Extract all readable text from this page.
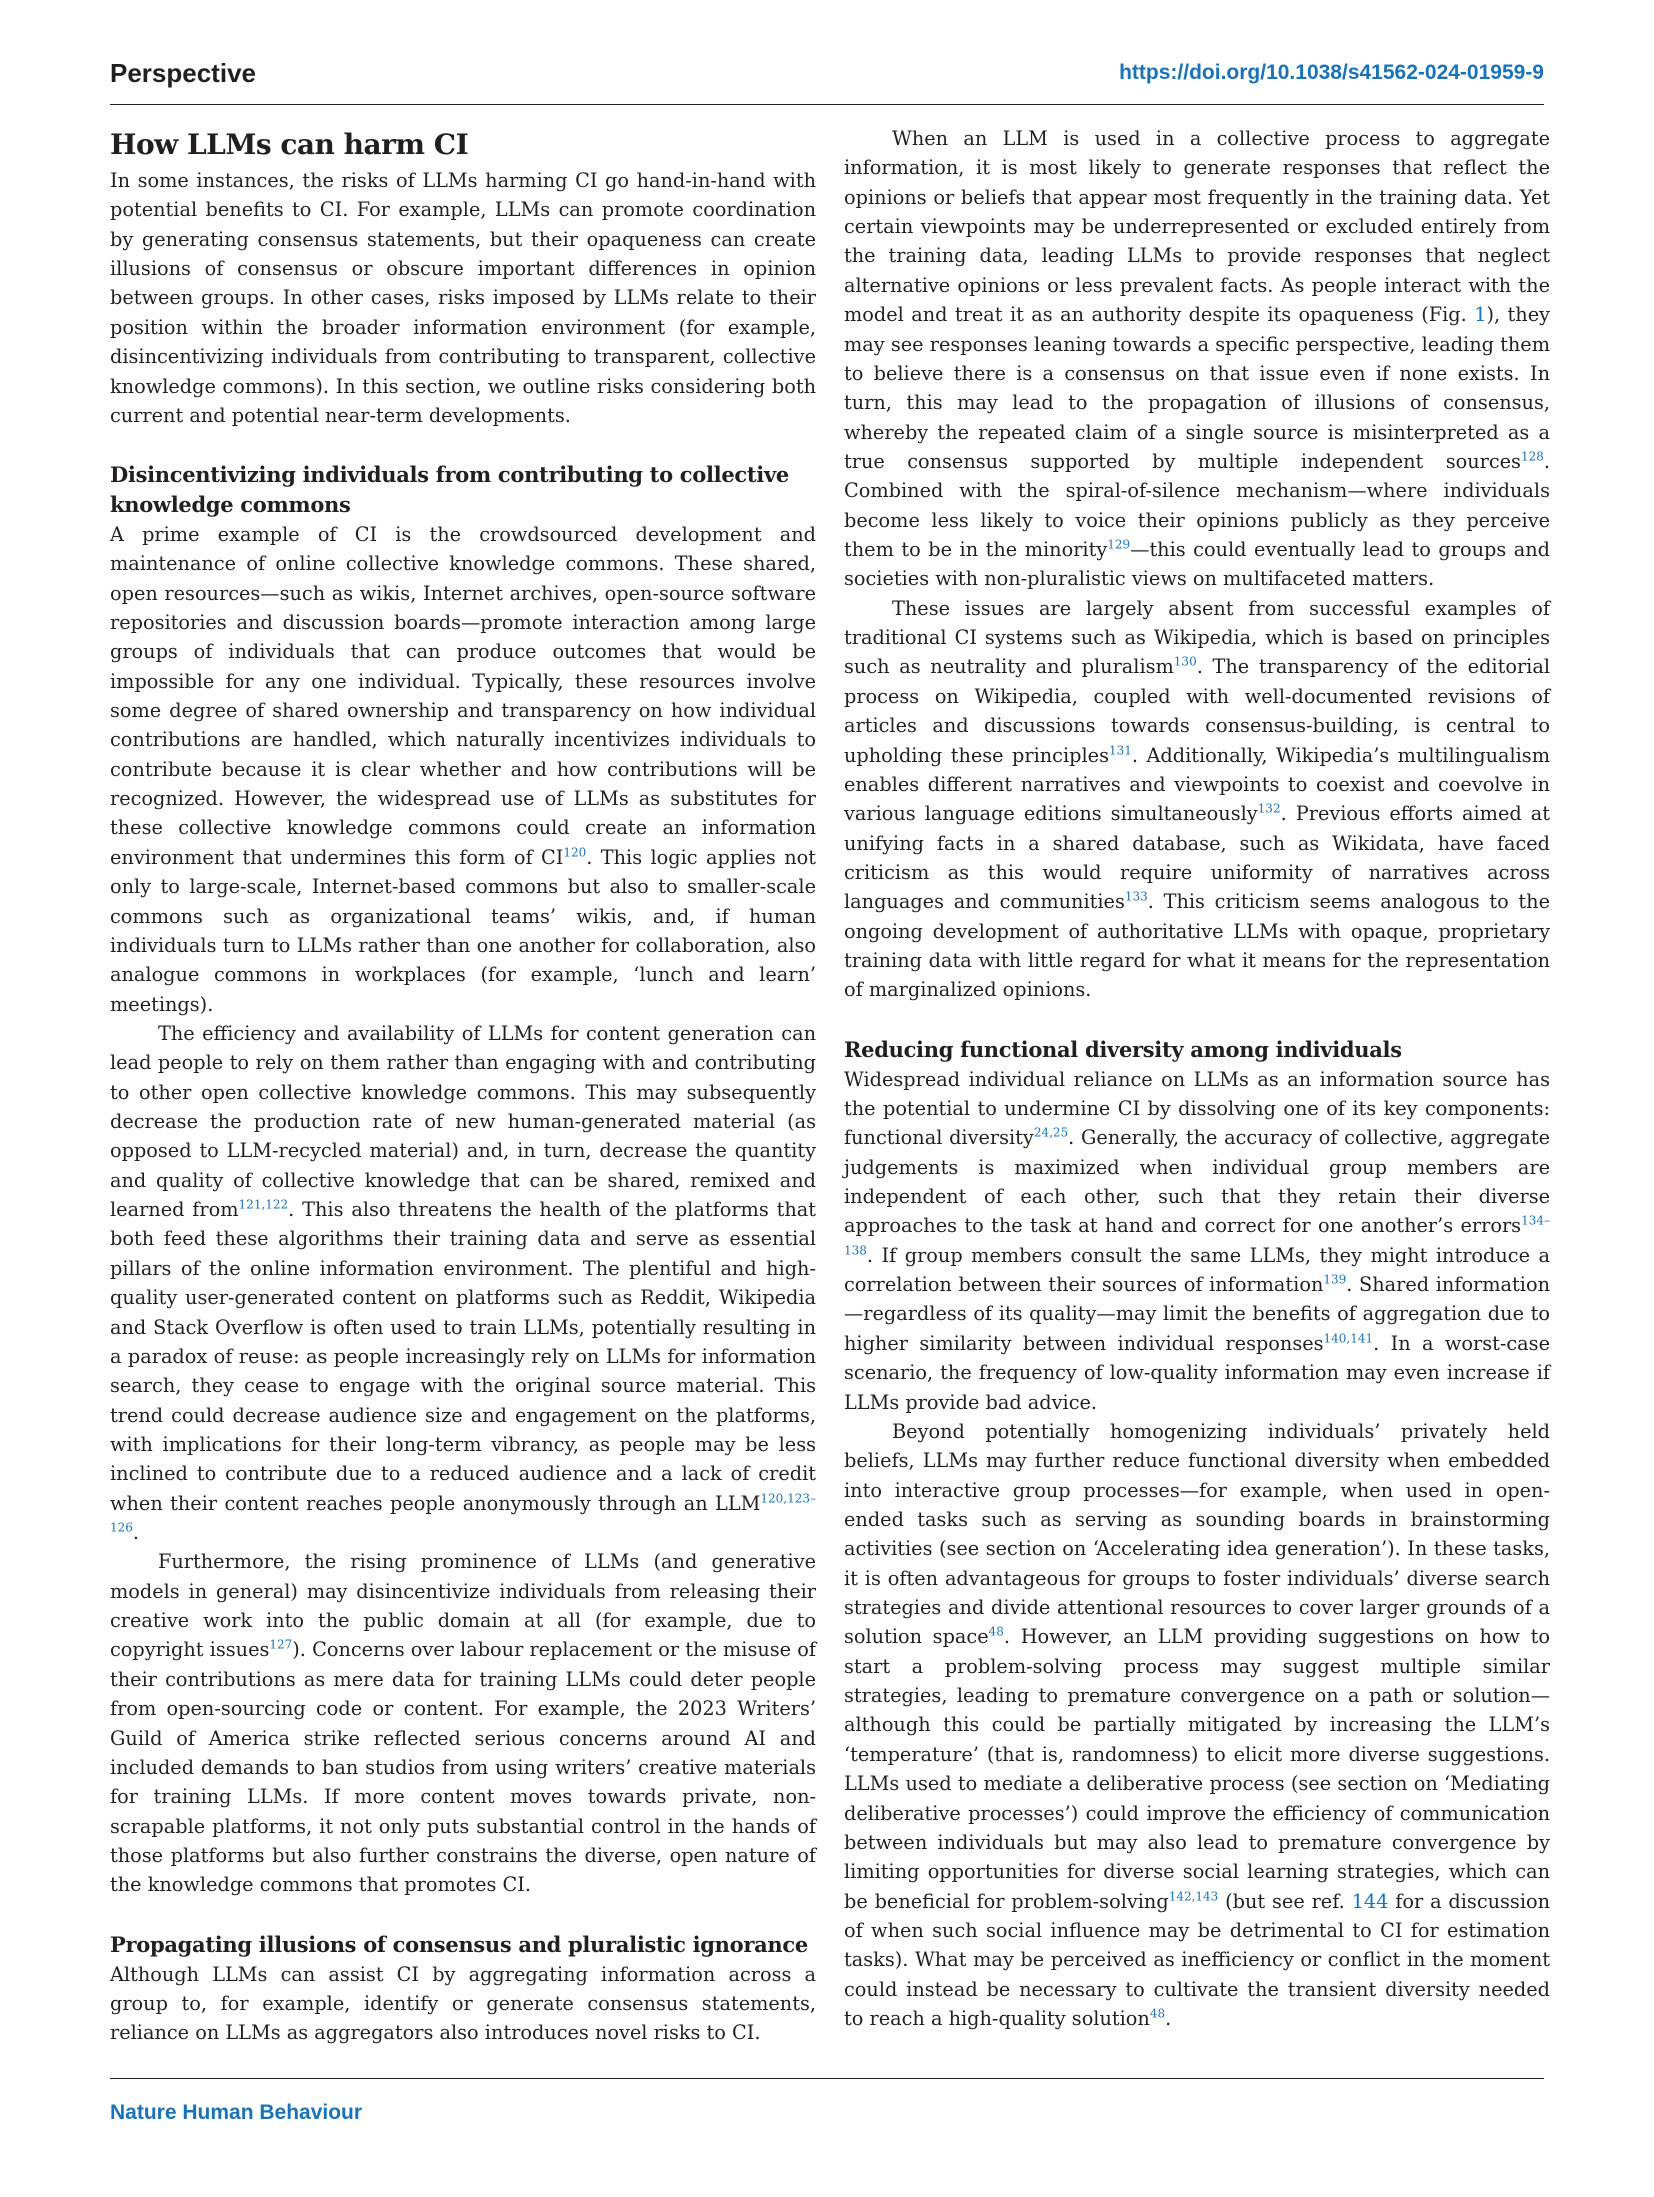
Perspective	https://doi.org/10.1038/s41562-024-01959-9
How LLMs can harm CI

In some instances, the risks of LLMs harming CI go hand-in-hand with potential benefits to CI. For example, LLMs can promote coordination by generating consensus statements, but their opaqueness can create illusions of consensus or obscure important differences in opinion between groups. In other cases, risks imposed by LLMs relate to their position within the broader information environment (for example, disincentivizing individuals from contributing to transparent, collective knowledge commons). In this section, we outline risks considering both current and potential near-term developments.

Disincentivizing individuals from contributing to collective knowledge commons

A prime example of CI is the crowdsourced development and maintenance of online collective knowledge commons. These shared, open resources—such as wikis, Internet archives, open-source software repositories and discussion boards—promote interaction among large groups of individuals that can produce outcomes that would be impossible for any one individual. Typically, these resources involve some degree of shared ownership and transparency on how individual contributions are handled, which naturally incentivizes individuals to contribute because it is clear whether and how contributions will be recognized. However, the widespread use of LLMs as substitutes for these collective knowledge commons could create an information environment that undermines this form of CI$^{120}$. This logic applies not only to large-scale, Internet-based commons but also to smaller-scale commons such as organizational teams’ wikis, and, if human individuals turn to LLMs rather than one another for collaboration, also analogue commons in workplaces (for example, ‘lunch and learn’ meetings).

The efficiency and availability of LLMs for content generation can lead people to rely on them rather than engaging with and contributing to other open collective knowledge commons. This may subsequently decrease the production rate of new human-generated material (as opposed to LLM-recycled material) and, in turn, decrease the quantity and quality of collective knowledge that can be shared, remixed and learned from$^{121,122}$. This also threatens the health of the platforms that both feed these algorithms their training data and serve as essential pillars of the online information environment. The plentiful and high-quality user-generated content on platforms such as Reddit, Wikipedia and Stack Overflow is often used to train LLMs, potentially resulting in a paradox of reuse: as people increasingly rely on LLMs for information search, they cease to engage with the original source material. This trend could decrease audience size and engagement on the platforms, with implications for their long-term vibrancy, as people may be less inclined to contribute due to a reduced audience and a lack of credit when their content reaches people anonymously through an LLM$^{120,123-126}$.

Furthermore, the rising prominence of LLMs (and generative models in general) may disincentivize individuals from releasing their creative work into the public domain at all (for example, due to copyright issues$^{127}$). Concerns over labour replacement or the misuse of their contributions as mere data for training LLMs could deter people from open-sourcing code or content. For example, the 2023 Writers’ Guild of America strike reflected serious concerns around AI and included demands to ban studios from using writers’ creative materials for training LLMs. If more content moves towards private, non-scrapable platforms, it not only puts substantial control in the hands of those platforms but also further constrains the diverse, open nature of the knowledge commons that promotes CI.

Propagating illusions of consensus and pluralistic ignorance

Although LLMs can assist CI by aggregating information across a group to, for example, identify or generate consensus statements, reliance on LLMs as aggregators also introduces novel risks to CI.

When an LLM is used in a collective process to aggregate information, it is most likely to generate responses that reflect the opinions or beliefs that appear most frequently in the training data. Yet certain viewpoints may be underrepresented or excluded entirely from the training data, leading LLMs to provide responses that neglect alternative opinions or less prevalent facts. As people interact with the model and treat it as an authority despite its opaqueness (Fig. 1), they may see responses leaning towards a specific perspective, leading them to believe there is a consensus on that issue even if none exists. In turn, this may lead to the propagation of illusions of consensus, whereby the repeated claim of a single source is misinterpreted as a true consensus supported by multiple independent sources$^{128}$. Combined with the spiral-of-silence mechanism—where individuals become less likely to voice their opinions publicly as they perceive them to be in the minority$^{129}$—this could eventually lead to groups and societies with non-pluralistic views on multifaceted matters.

These issues are largely absent from successful examples of traditional CI systems such as Wikipedia, which is based on principles such as neutrality and pluralism$^{130}$. The transparency of the editorial process on Wikipedia, coupled with well-documented revisions of articles and discussions towards consensus-building, is central to upholding these principles$^{131}$. Additionally, Wikipedia’s multilingualism enables different narratives and viewpoints to coexist and coevolve in various language editions simultaneously$^{132}$. Previous efforts aimed at unifying facts in a shared database, such as Wikidata, have faced criticism as this would require uniformity of narratives across languages and communities$^{133}$. This criticism seems analogous to the ongoing development of authoritative LLMs with opaque, proprietary training data with little regard for what it means for the representation of marginalized opinions.

Reducing functional diversity among individuals

Widespread individual reliance on LLMs as an information source has the potential to undermine CI by dissolving one of its key components: functional diversity$^{24,25}$. Generally, the accuracy of collective, aggregate judgements is maximized when individual group members are independent of each other, such that they retain their diverse approaches to the task at hand and correct for one another’s errors$^{134-138}$. If group members consult the same LLMs, they might introduce a correlation between their sources of information$^{139}$. Shared information—regardless of its quality—may limit the benefits of aggregation due to higher similarity between individual responses$^{140,141}$. In a worst-case scenario, the frequency of low-quality information may even increase if LLMs provide bad advice.

Beyond potentially homogenizing individuals’ privately held beliefs, LLMs may further reduce functional diversity when embedded into interactive group processes—for example, when used in open-ended tasks such as serving as sounding boards in brainstorming activities (see section on ‘Accelerating idea generation’). In these tasks, it is often advantageous for groups to foster individuals’ diverse search strategies and divide attentional resources to cover larger grounds of a solution space$^{48}$. However, an LLM providing suggestions on how to start a problem-solving process may suggest multiple similar strategies, leading to premature convergence on a path or solution—although this could be partially mitigated by increasing the LLM’s ‘temperature’ (that is, randomness) to elicit more diverse suggestions. LLMs used to mediate a deliberative process (see section on ‘Mediating deliberative processes’) could improve the efficiency of communication between individuals but may also lead to premature convergence by limiting opportunities for diverse social learning strategies, which can be beneficial for problem-solving$^{142,143}$ (but see ref. 144 for a discussion of when such social influence may be detrimental to CI for estimation tasks). What may be perceived as inefficiency or conflict in the moment could instead be necessary to cultivate the transient diversity needed to reach a high-quality solution$^{48}$.

Nature Human Behaviour
